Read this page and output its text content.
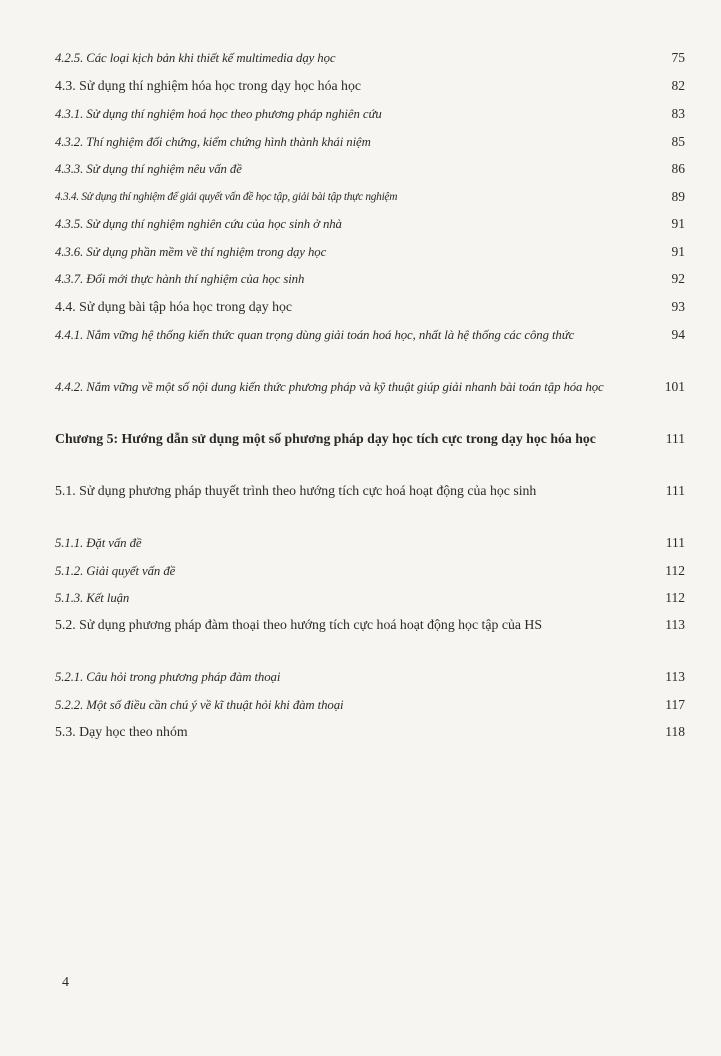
4.2.5. Các loại kịch bản khi thiết kế multimedia dạy học	75
4.3. Sử dụng thí nghiệm hóa học trong dạy học hóa học	82
4.3.1. Sử dụng thí nghiệm hoá học theo phương pháp nghiên cứu	83
4.3.2. Thí nghiệm đối chứng, kiểm chứng hình thành khái niệm	85
4.3.3. Sử dụng thí nghiệm nêu vấn đề	86
4.3.4. Sử dụng thí nghiệm để giải quyết vấn đề học tập, giải bài tập thực nghiệm	89
4.3.5. Sử dụng thí nghiệm nghiên cứu của học sinh ở nhà	91
4.3.6. Sử dụng phần mềm về thí nghiệm trong dạy học	91
4.3.7. Đổi mới thực hành thí nghiệm của học sinh	92
4.4. Sử dụng bài tập hóa học trong dạy học	93
4.4.1. Nắm vững hệ thống kiến thức quan trọng dùng giải toán hoá học, nhất là hệ thống các công thức	94
4.4.2. Nắm vững về một số nội dung kiến thức phương pháp và kỹ thuật giúp giải nhanh bài toán tập hóa học	101
Chương 5: Hướng dẫn sử dụng một số phương pháp dạy học tích cực trong dạy học hóa học	111
5.1. Sử dụng phương pháp thuyết trình theo hướng tích cực hoá hoạt động của học sinh	111
5.1.1. Đặt vấn đề	111
5.1.2. Giải quyết vấn đề	112
5.1.3. Kết luận	112
5.2. Sử dụng phương pháp đàm thoại theo hướng tích cực hoá hoạt động học tập của HS	113
5.2.1. Câu hỏi trong phương pháp đàm thoại	113
5.2.2. Một số điều cần chú ý về kĩ thuật hỏi khi đàm thoại	117
5.3. Dạy học theo nhóm	118
4
